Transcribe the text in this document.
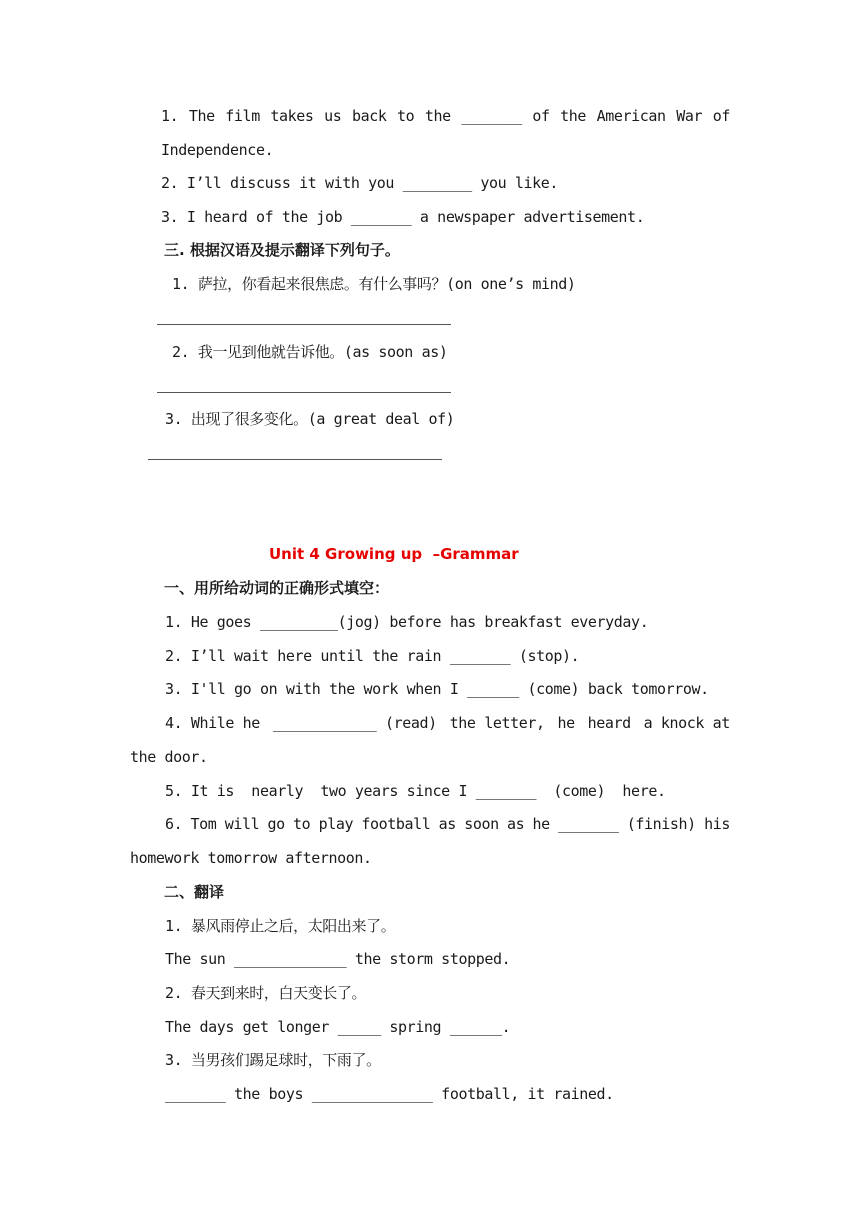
1. The film takes us back to the _______ of the American War of
Independence.
2. I’ll discuss it with you ________ you like.
3. I heard of the job _______ a newspaper advertisement.
三. 根据汉语及提示翻译下列句子。
1. 萨拉，你看起来很焦虑。有什么事吗？(on one’s mind)
2. 我一见到他就告诉他。(as soon as)
3. 出现了很多变化。(a great deal of)
Unit 4 Growing up  –Grammar
一、用所给动词的正确形式填空：
1. He goes _________(jog) before has breakfast everyday.
2. I’ll wait here until the rain _______ (stop).
3. I'll go on with the work when I ______ (come) back tomorrow.
4. While he ____________ (read) the letter, he heard a knock at
the door.
5. It is  nearly  two years since I _______  (come)  here.
6. Tom will go to play football as soon as he _______ (finish) his
homework tomorrow afternoon.
二、翻译
1. 暴风雨停止之后，太阳出来了。
The sun _____________ the storm stopped.
2. 春天到来时，白天变长了。
The days get longer _____ spring ______.
3. 当男孩们踢足球时，下雨了。
_______ the boys ______________ football, it rained.
